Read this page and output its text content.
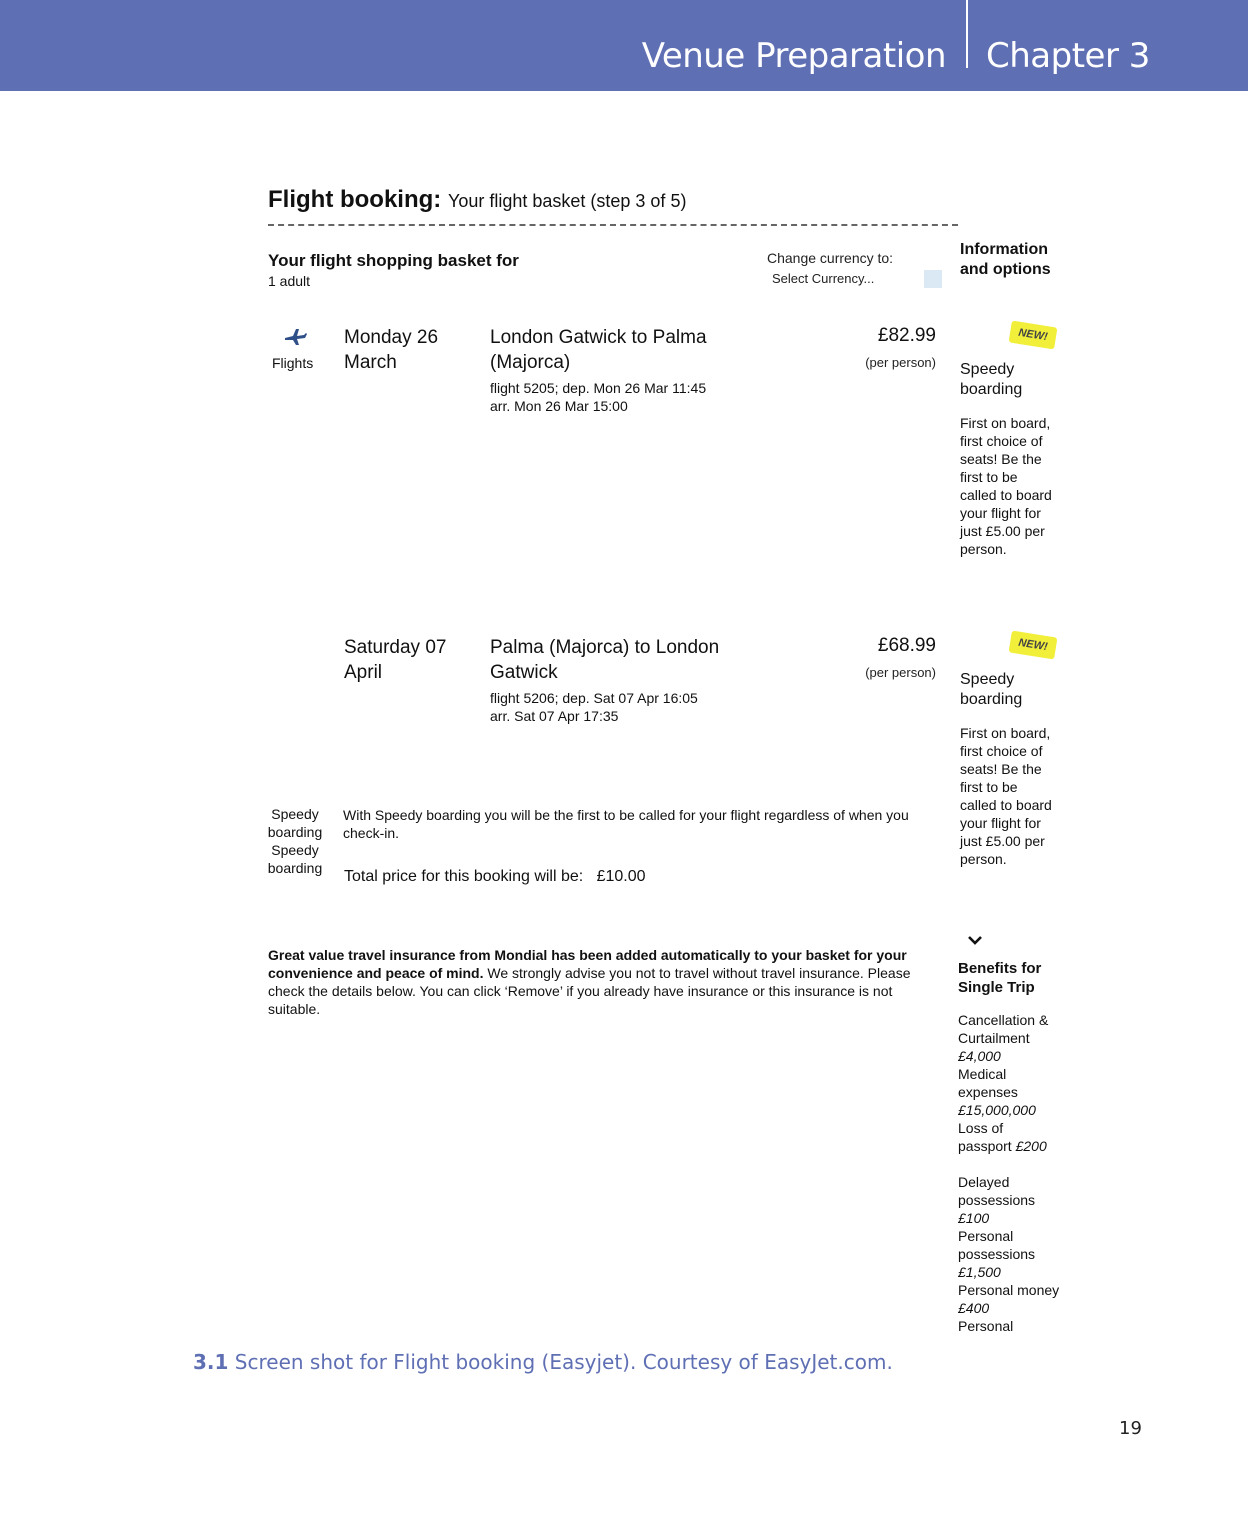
Venue Preparation Chapter 3
Flight booking: Your flight basket (step 3 of 5)
Your flight shopping basket for
1 adult
Change currency to:
Select Currency...
Information and options
Flights
Monday 26 March
London Gatwick to Palma (Majorca)
flight 5205; dep. Mon 26 Mar 11:45
arr. Mon 26 Mar 15:00
£82.99
(per person)
NEW!
Speedy boarding
First on board, first choice of seats! Be the first to be called to board your flight for just £5.00 per person.
Saturday 07 April
Palma (Majorca) to London Gatwick
flight 5206; dep. Sat 07 Apr 16:05
arr. Sat 07 Apr 17:35
£68.99
(per person)
NEW!
Speedy boarding
First on board, first choice of seats! Be the first to be called to board your flight for just £5.00 per person.
Speedy boarding Speedy boarding
With Speedy boarding you will be the first to be called for your flight regardless of when you check-in.
Total price for this booking will be: £10.00
Great value travel insurance from Mondial has been added automatically to your basket for your convenience and peace of mind. We strongly advise you not to travel without travel insurance. Please check the details below. You can click ‘Remove’ if you already have insurance or this insurance is not suitable.
Benefits for Single Trip
Cancellation & Curtailment £4,000
Medical expenses £15,000,000
Loss of passport £200
Delayed possessions £100
Personal possessions £1,500
Personal money £400
Personal
3.1 Screen shot for Flight booking (Easyjet). Courtesy of EasyJet.com.
19
